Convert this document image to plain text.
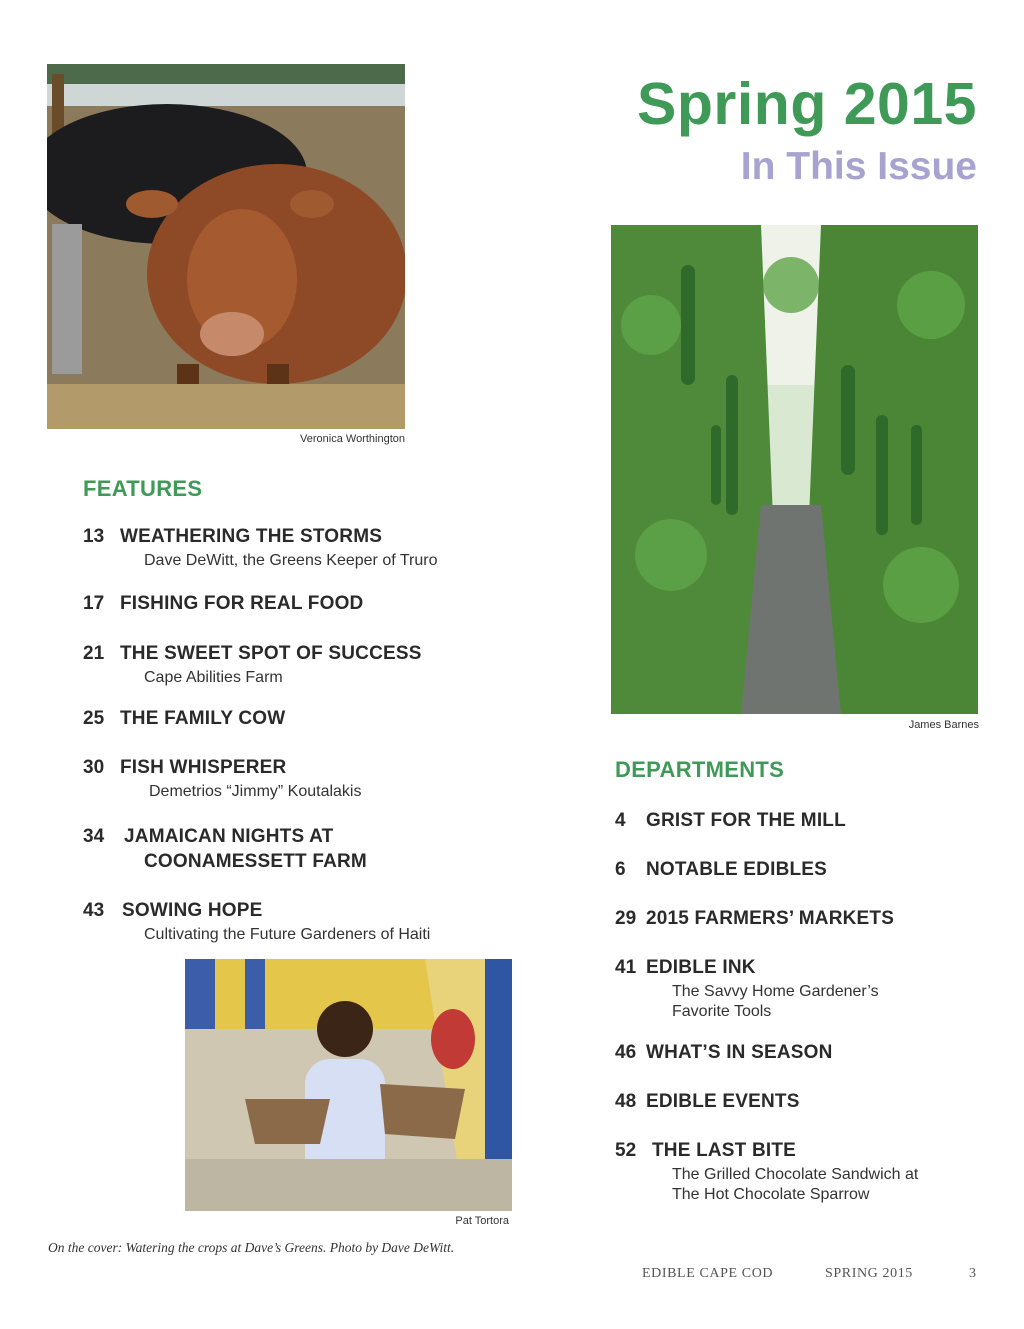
Veronica Worthington
Spring 2015
In This Issue
James Barnes
FEATURES
13 WEATHERING THE STORMS
Dave DeWitt, the Greens Keeper of Truro
17 FISHING FOR REAL FOOD
21 THE SWEET SPOT OF SUCCESS
Cape Abilities Farm
25 THE FAMILY COW
30 FISH WHISPERER
Demetrios “Jimmy” Koutalakis
34 JAMAICAN NIGHTS AT
COONAMESSETT FARM
43 SOWING HOPE
Cultivating the Future Gardeners of Haiti
Pat Tortora
DEPARTMENTS
4 GRIST FOR THE MILL
6 NOTABLE EDIBLES
29 2015 FARMERS’ MARKETS
41 EDIBLE INK
The Savvy Home Gardener’s
Favorite Tools
46 WHAT’S IN SEASON
48 EDIBLE EVENTS
52 THE LAST BITE
The Grilled Chocolate Sandwich at
The Hot Chocolate Sparrow
On the cover: Watering the crops at Dave’s Greens. Photo by Dave DeWitt.
EDIBLE CAPE COD	SPRING 2015	3
